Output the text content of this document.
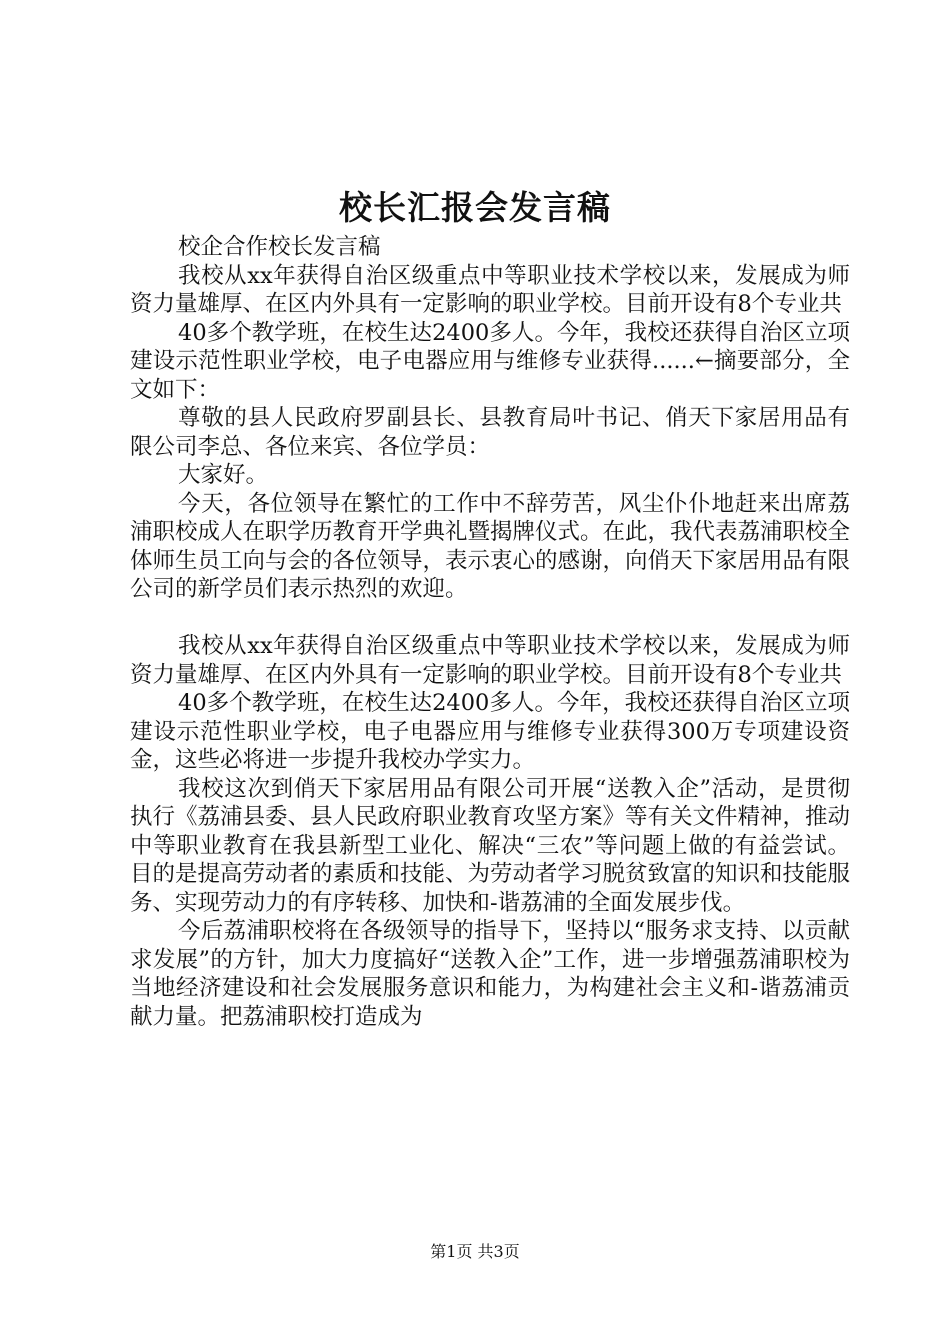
校长汇报会发言稿

校企合作校长发言稿

我校从xx年获得自治区级重点中等职业技术学校以来，发展成为师资力量雄厚、在区内外具有一定影响的职业学校。目前开设有8个专业共

40多个教学班，在校生达2400多人。今年，我校还获得自治区立项建设示范性职业学校，电子电器应用与维修专业获得......←摘要部分，全文如下：

尊敬的县人民政府罗副县长、县教育局叶书记、俏天下家居用品有限公司李总、各位来宾、各位学员：

大家好。

今天，各位领导在繁忙的工作中不辞劳苦，风尘仆仆地赶来出席荔浦职校成人在职学历教育开学典礼暨揭牌仪式。在此，我代表荔浦职校全体师生员工向与会的各位领导，表示衷心的感谢，向俏天下家居用品有限公司的新学员们表示热烈的欢迎。

我校从xx年获得自治区级重点中等职业技术学校以来，发展成为师资力量雄厚、在区内外具有一定影响的职业学校。目前开设有8个专业共

40多个教学班，在校生达2400多人。今年，我校还获得自治区立项建设示范性职业学校，电子电器应用与维修专业获得300万专项建设资金，这些必将进一步提升我校办学实力。

我校这次到俏天下家居用品有限公司开展“送教入企”活动，是贯彻执行《荔浦县委、县人民政府职业教育攻坚方案》等有关文件精神，推动中等职业教育在我县新型工业化、解决“三农”等问题上做的有益尝试。目的是提高劳动者的素质和技能、为劳动者学习脱贫致富的知识和技能服务、实现劳动力的有序转移、加快和-谐荔浦的全面发展步伐。

今后荔浦职校将在各级领导的指导下，坚持以“服务求支持、以贡献求发展”的方针，加大力度搞好“送教入企”工作，进一步增强荔浦职校为当地经济建设和社会发展服务意识和能力，为构建社会主义和-谐荔浦贡献力量。把荔浦职校打造成为

第1页 共3页
